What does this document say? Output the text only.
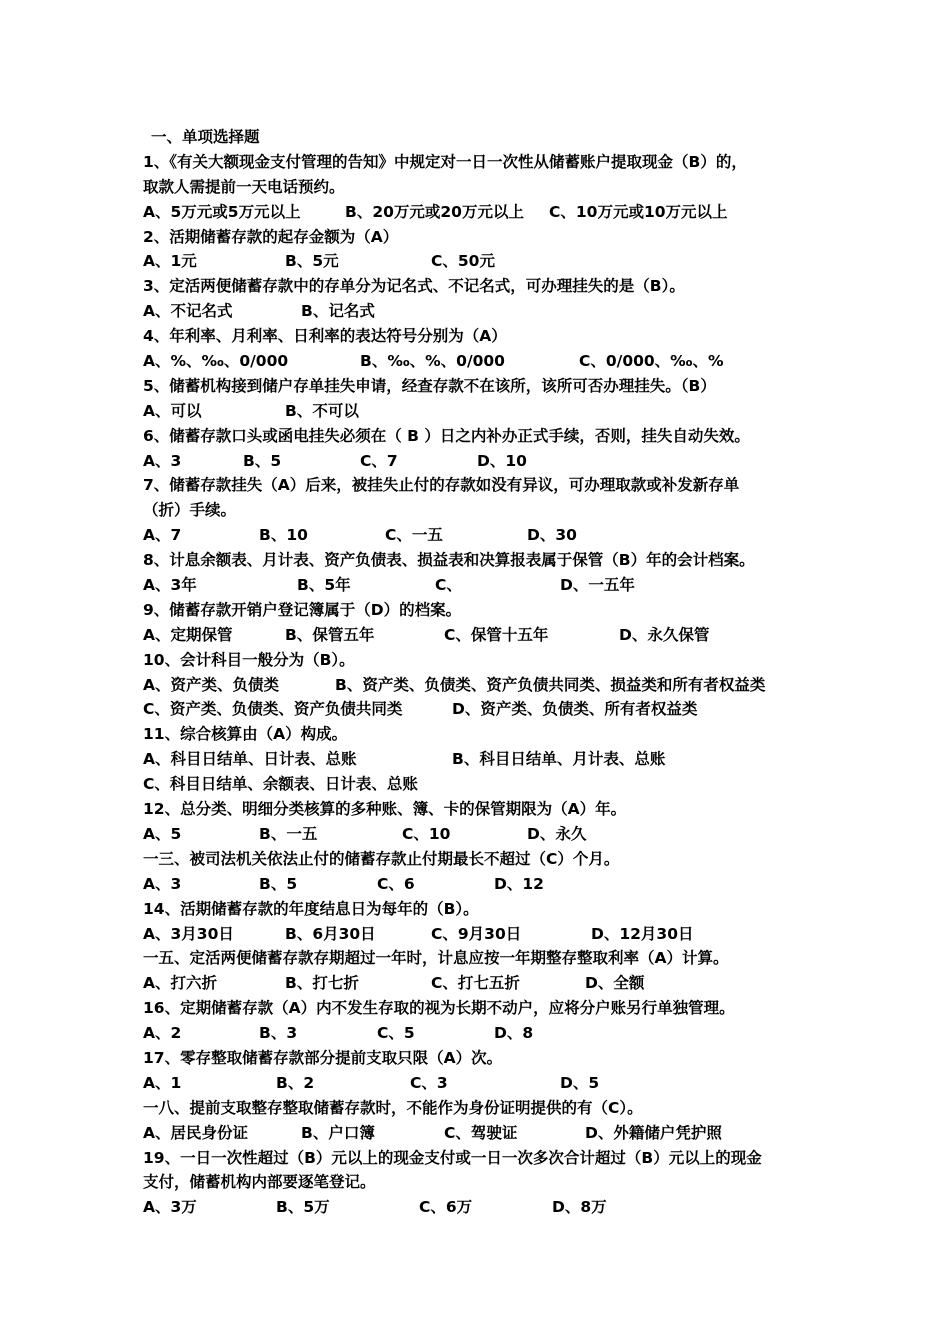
一、单项选择题
1、《有关大额现金支付管理的告知》中规定对一日一次性从储蓄账户提取现金（B）的，
取款人需提前一天电话预约。
A、5万元或5万元以上	B、20万元或20万元以上 C、10万元或10万元以上
2、活期储蓄存款的起存金额为（A）
A、1元	B、5元	C、50元
3、定活两便储蓄存款中的存单分为记名式、不记名式，可办理挂失的是（B）。
A、不记名式	B、记名式
4、年利率、月利率、日利率的表达符号分别为（A）
A、%、‰、0/000	B、‰、%、0/000	C、0/000、‰、%
5、储蓄机构接到储户存单挂失申请，经查存款不在该所，该所可否办理挂失。（B）
A、可以	B、不可以
6、储蓄存款口头或函电挂失必须在（ B ）日之内补办正式手续，否则，挂失自动失效。
A、3	B、5	C、7	D、10
7、储蓄存款挂失（A）后来，被挂失止付的存款如没有异议，可办理取款或补发新存单
（折）手续。
A、7	B、10	C、一五	D、30
8、计息余额表、月计表、资产负债表、损益表和决算报表属于保管（B）年的会计档案。
A、3年	B、5年	C、	D、一五年
9、储蓄存款开销户登记簿属于（D）的档案。
A、定期保管	B、保管五年	C、保管十五年	D、永久保管
10、会计科目一般分为（B）。
A、资产类、负债类	B、资产类、负债类、资产负债共同类、损益类和所有者权益类
C、资产类、负债类、资产负债共同类	D、资产类、负债类、所有者权益类
11、综合核算由（A）构成。
A、科目日结单、日计表、总账	B、科目日结单、月计表、总账
C、科目日结单、余额表、日计表、总账
12、总分类、明细分类核算的多种账、簿、卡的保管期限为（A）年。
A、5	B、一五	C、10	D、永久
一三、被司法机关依法止付的储蓄存款止付期最长不超过（C）个月。
A、3	B、5	C、6	D、12
14、活期储蓄存款的年度结息日为每年的（B）。
A、3月30日	B、6月30日	C、9月30日	D、12月30日
一五、定活两便储蓄存款存期超过一年时，计息应按一年期整存整取利率（A）计算。
A、打六折	B、打七折	C、打七五折	D、全额
16、定期储蓄存款（A）内不发生存取的视为长期不动户，应将分户账另行单独管理。
A、2	B、3	C、5	D、8
17、零存整取储蓄存款部分提前支取只限（A）次。
A、1	B、2	C、3	D、5
一八、提前支取整存整取储蓄存款时，不能作为身份证明提供的有（C）。
A、居民身份证	B、户口簿	C、驾驶证	D、外籍储户凭护照
19、一日一次性超过（B）元以上的现金支付或一日一次多次合计超过（B）元以上的现金
支付，储蓄机构内部要逐笔登记。
A、3万	B、5万	C、6万	D、8万
